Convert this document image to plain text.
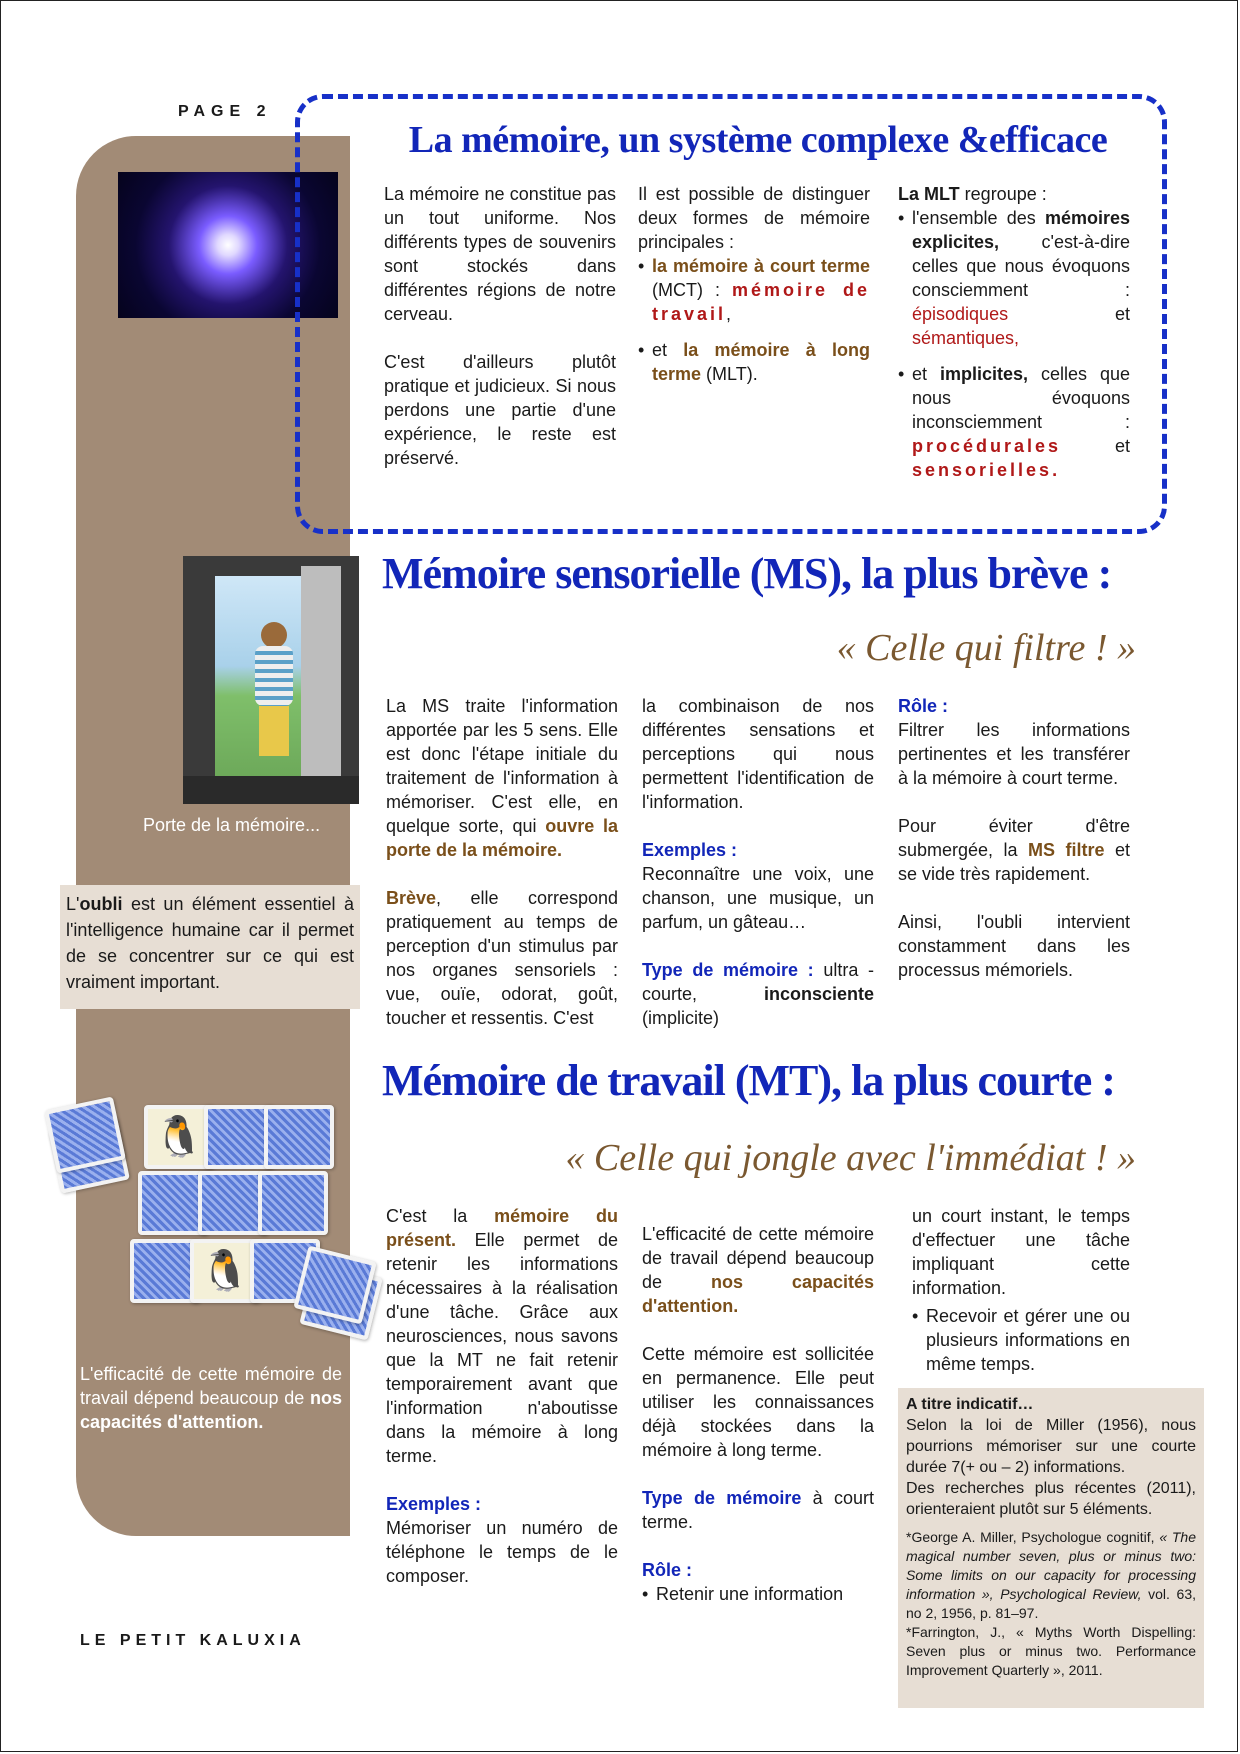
PAGE 2
Porte de la mémoire...
L'oubli est un élément essentiel à l'intelligence humaine car il permet de se concentrer sur ce qui est vraiment important.
🐧
🐧
L'efficacité de cette mémoire de travail dépend beaucoup de nos capacités d'attention.
La mémoire, un système complexe &efficace

La mémoire ne constitue pas un tout uniforme. Nos différents types de souvenirs sont stockés dans différentes régions de notre cerveau.

C'est d'ailleurs plutôt pratique et judicieux. Si nous perdons une partie d'une expérience, le reste est préservé.

Il est possible de distinguer deux formes de mémoire principales :
• la mémoire à court terme (MCT) : mémoire de travail,
• et la mémoire à long terme (MLT).
La MLT regroupe :
• l'ensemble des mémoires explicites, c'est-à-dire celles que nous évoquons consciemment : épisodiques	et sémantiques,
• et implicites, celles que nous évoquons inconsciemment : procédurales	et sensorielles.
Mémoire sensorielle (MS), la plus brève :
« Celle qui filtre ! »

La MS traite l'information apportée par les 5 sens. Elle est donc l'étape initiale du traitement de l'information à mémoriser. C'est elle, en quelque sorte, qui ouvre la porte de la mémoire.

Brève, elle correspond pratiquement au temps de perception d'un stimulus par nos organes sensoriels : vue, ouïe, odorat, goût, toucher et ressentis. C'est

la combinaison de nos différentes sensations et perceptions qui nous permettent l'identification de l'information.

Exemples :

Reconnaître une voix, une chanson, une musique, un parfum, un gâteau…

Type de mémoire : ultra -courte,	inconsciente (implicite)
Rôle :

Filtrer les informations pertinentes et les transférer à la mémoire à court terme.

Pour éviter d'être submergée, la MS filtre et se vide très rapidement.

Ainsi, l'oubli intervient constamment dans les processus mémoriels.

Mémoire de travail (MT), la plus courte :
« Celle qui jongle avec l'immédiat ! »

C'est la mémoire du présent. Elle permet de retenir les informations nécessaires à la réalisation d'une tâche. Grâce aux neurosciences, nous savons que la MT ne fait retenir temporairement avant que l'information n'aboutisse dans la mémoire à long terme.

Exemples :
Mémoriser un numéro de téléphone le temps de le composer.

L'efficacité de cette mémoire de travail dépend beaucoup de	nos capacités d'attention.

Cette mémoire est sollicitée en permanence. Elle peut utiliser les connaissances déjà stockées dans la mémoire à long terme.

Type de mémoire à court terme.

Rôle :
• Retenir une information

un court instant, le temps d'effectuer une tâche impliquant cette information.

• Recevoir et gérer une ou plusieurs informations en même temps.
A titre indicatif…
Selon la loi de Miller (1956), nous pourrions mémoriser sur une courte durée 7(+ ou – 2) informations.
Des recherches plus récentes (2011), orienteraient plutôt sur 5 éléments.
*George A. Miller, Psychologue cognitif, « The magical number seven, plus or minus two: Some limits on our capacity for processing information », Psychological Review, vol. 63, no 2, 1956, p. 81–97.
*Farrington, J., « Myths Worth Dispelling: Seven plus or minus two. Performance Improvement Quarterly », 2011.
LE PETIT KALUXIA
